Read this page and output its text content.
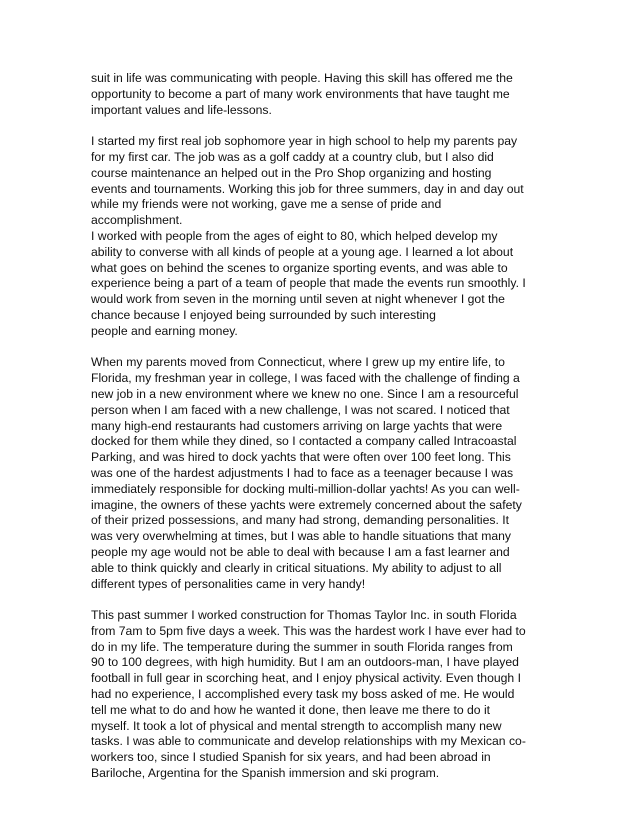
suit in life was communicating with people. Having this skill has offered me the
opportunity to become a part of many work environments that have taught me
important values and life-lessons.

I started my first real job sophomore year in high school to help my parents pay
for my first car. The job was as a golf caddy at a country club, but I also did
course maintenance an helped out in the Pro Shop organizing and hosting
events and tournaments. Working this job for three summers, day in and day out
while my friends were not working, gave me a sense of pride and
accomplishment.

I worked with people from the ages of eight to 80, which helped develop my
ability to converse with all kinds of people at a young age. I learned a lot about
what goes on behind the scenes to organize sporting events, and was able to
experience being a part of a team of people that made the events run smoothly. I
would work from seven in the morning until seven at night whenever I got the
chance because I enjoyed being surrounded by such interesting
people and earning money.

When my parents moved from Connecticut, where I grew up my entire life, to
Florida, my freshman year in college, I was faced with the challenge of finding a
new job in a new environment where we knew no one. Since I am a resourceful
person when I am faced with a new challenge, I was not scared. I noticed that
many high-end restaurants had customers arriving on large yachts that were
docked for them while they dined, so I contacted a company called Intracoastal
Parking, and was hired to dock yachts that were often over 100 feet long. This
was one of the hardest adjustments I had to face as a teenager because I was
immediately responsible for docking multi-million-dollar yachts! As you can well-
imagine, the owners of these yachts were extremely concerned about the safety
of their prized possessions, and many had strong, demanding personalities. It
was very overwhelming at times, but I was able to handle situations that many
people my age would not be able to deal with because I am a fast learner and
able to think quickly and clearly in critical situations. My ability to adjust to all
different types of personalities came in very handy!

This past summer I worked construction for Thomas Taylor Inc. in south Florida
from 7am to 5pm five days a week. This was the hardest work I have ever had to
do in my life. The temperature during the summer in south Florida ranges from
90 to 100 degrees, with high humidity. But I am an outdoors-man, I have played
football in full gear in scorching heat, and I enjoy physical activity. Even though I
had no experience, I accomplished every task my boss asked of me. He would
tell me what to do and how he wanted it done, then leave me there to do it
myself. It took a lot of physical and mental strength to accomplish many new
tasks. I was able to communicate and develop relationships with my Mexican co-
workers too, since I studied Spanish for six years, and had been abroad in
Bariloche, Argentina for the Spanish immersion and ski program.
